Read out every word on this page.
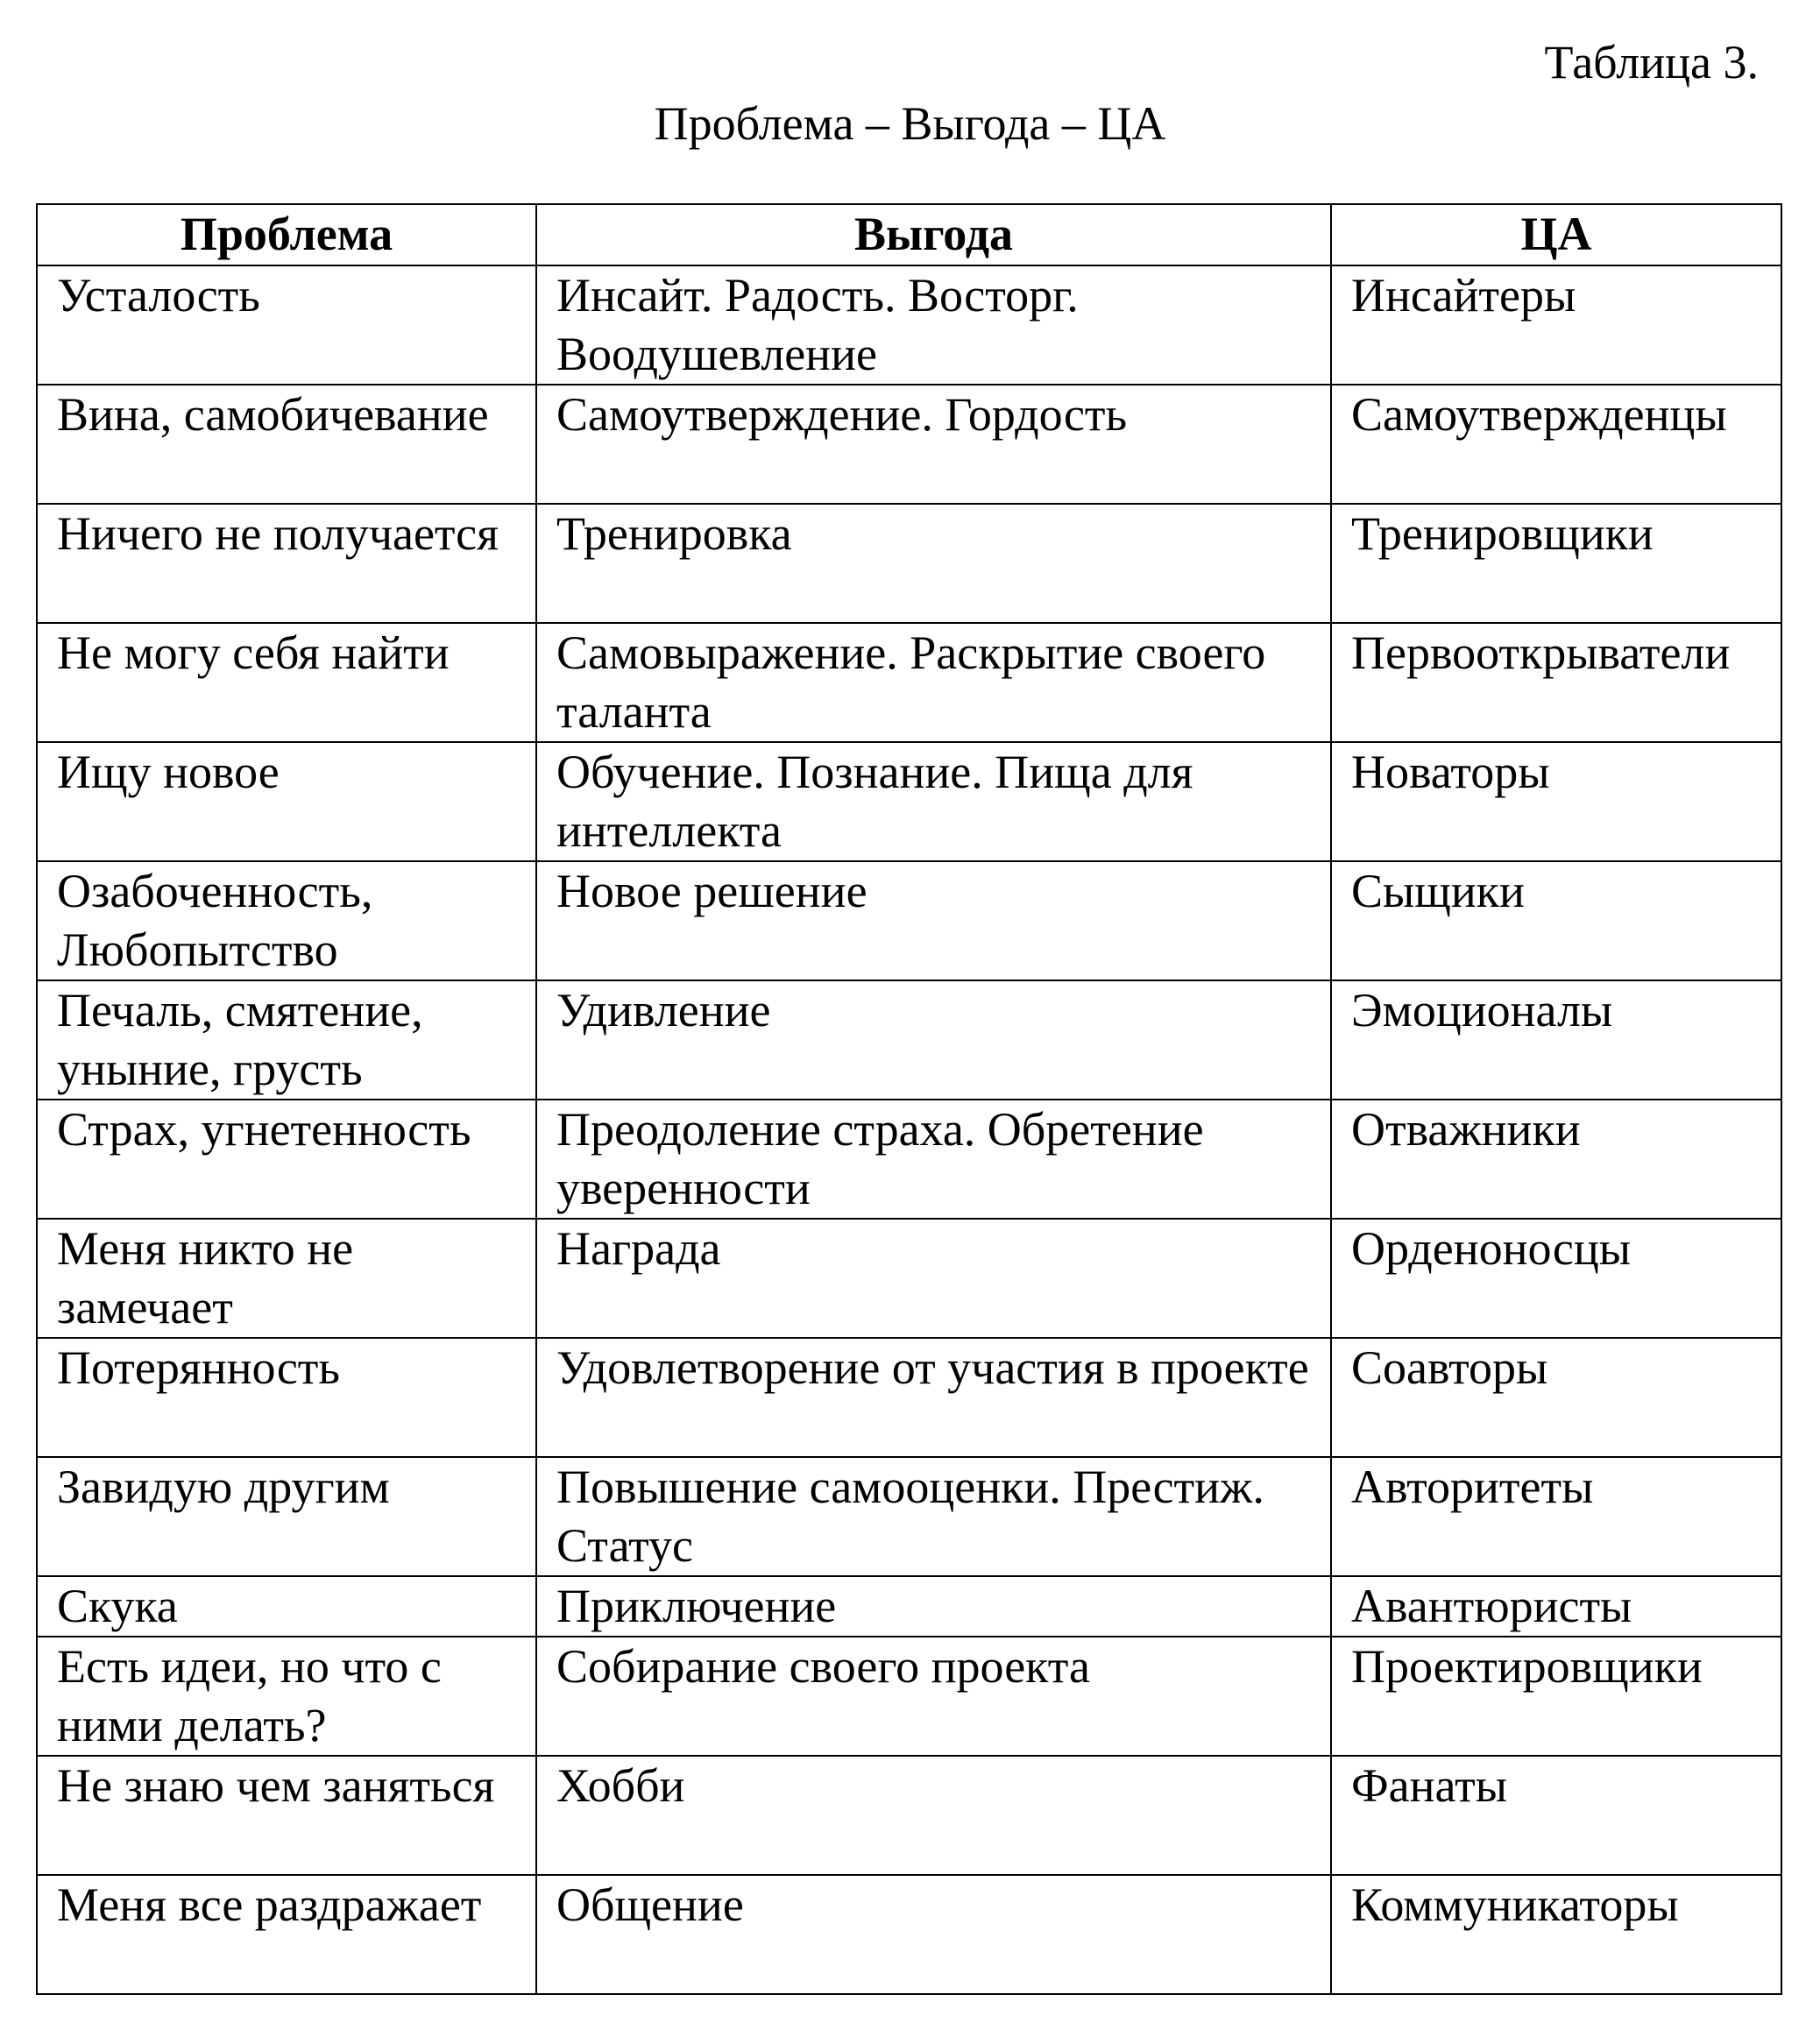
Таблица 3.
Проблема – Выгода – ЦА
Проблема	Выгода	ЦА
Усталость	Инсайт. Радость. Восторг. Воодушевление	Инсайтеры
Вина, самобичевание	Самоутверждение. Гордость	Самоутвержденцы
Ничего не получается	Тренировка	Тренировщики
Не могу себя найти	Самовыражение. Раскрытие своего таланта	Первооткрыватели
Ищу новое	Обучение. Познание. Пища для интеллекта	Новаторы
Озабоченность, Любопытство	Новое решение	Сыщики
Печаль, смятение, уныние, грусть	Удивление	Эмоционалы
Страх, угнетенность	Преодоление страха. Обретение уверенности	Отважники
Меня никто не замечает	Награда	Орденоносцы
Потерянность	Удовлетворение от участия в проекте	Соавторы
Завидую другим	Повышение самооценки. Престиж. Статус	Авторитеты
Скука	Приключение	Авантюристы
Есть идеи, но что с ними делать?	Собирание своего проекта	Проектировщики
Не знаю чем заняться	Хобби	Фанаты
Меня все раздражает	Общение	Коммуникаторы
